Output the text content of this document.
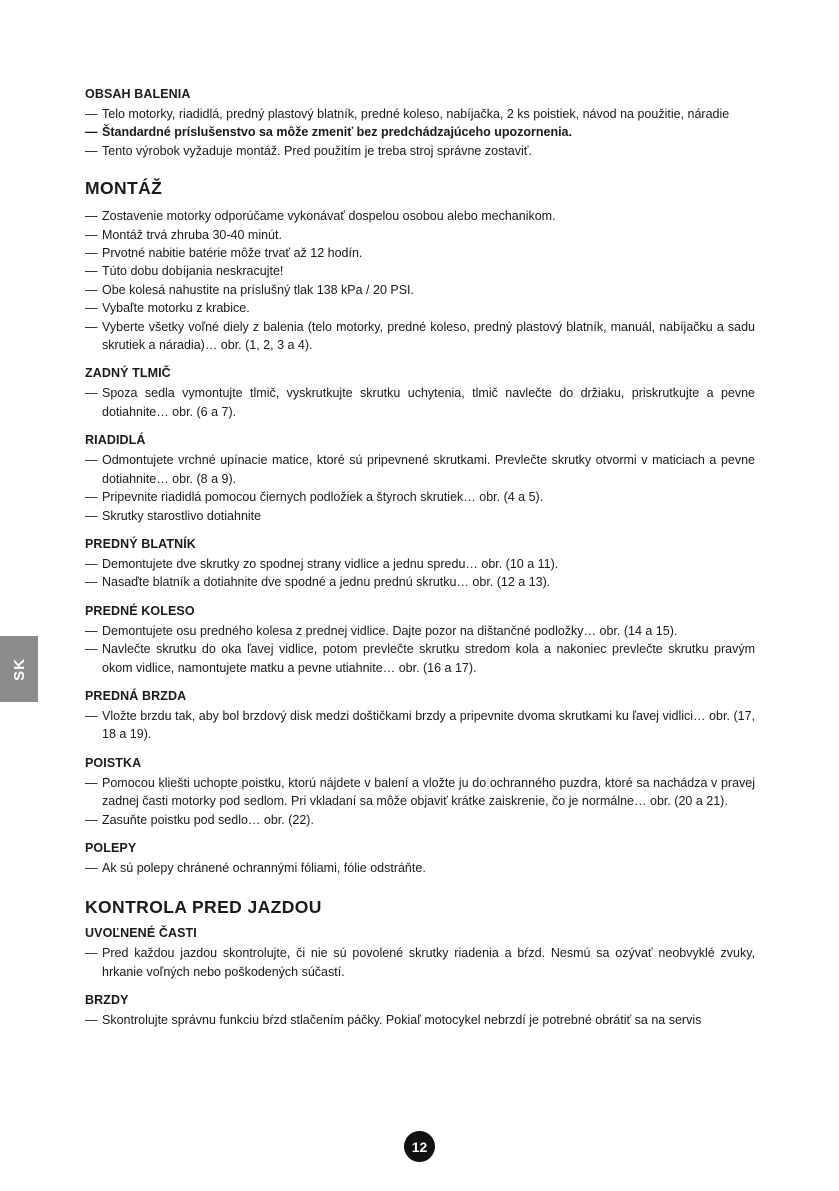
SK
OBSAH BALENIA
— Telo motorky, riadidlá, predný plastový blatník, predné koleso, nabíjačka, 2 ks poistiek, návod na použitie, náradie
— Štandardné príslušenstvo sa môže zmeniť bez predchádzajúceho upozornenia.
— Tento výrobok vyžaduje montáž. Pred použitím je treba stroj správne zostaviť.
MONTÁŽ
— Zostavenie motorky odporúčame vykonávať dospelou osobou alebo mechanikom.
— Montáž trvá zhruba 30-40 minút.
— Prvotné nabitie batérie môže trvať až 12 hodín.
— Túto dobu dobíjania neskracujte!
— Obe kolesá nahustite na príslušný tlak 138 kPa / 20 PSI.
— Vybaľte motorku z krabice.
— Vyberte všetky voľné diely z balenia (telo motorky, predné koleso, predný plastový blatník, manuál, nabíjačku a sadu skrutiek a náradia)… obr. (1, 2, 3 a 4).
ZADNÝ TLMIČ
— Spoza sedla vymontujte tlmič, vyskrutkujte skrutku uchytenia, tlmič navlečte do držiaku, priskrutkujte a pevne dotiahnite… obr. (6 a 7).
RIADIDLÁ
— Odmontujete vrchné upínacie matice, ktoré sú pripevnené skrutkami. Prevlečte skrutky otvormi v maticiach a pevne dotiahnite… obr. (8 a 9).
— Pripevnite riadidlá pomocou čiernych podložiek a štyroch skrutiek… obr. (4 a 5).
— Skrutky starostlivo dotiahnite
PREDNÝ BLATNÍK
— Demontujete dve skrutky zo spodnej strany vidlice a jednu spredu… obr. (10 a 11).
— Nasaďte blatník a dotiahnite dve spodné a jednu prednú skrutku… obr. (12 a 13).
PREDNÉ KOLESO
— Demontujete osu predného kolesa z prednej vidlice. Dajte pozor na dištančné podložky… obr. (14 a 15).
— Navlečte skrutku do oka ľavej vidlice, potom prevlečte skrutku stredom kola a nakoniec prevlečte skrutku pravým okom vidlice, namontujete matku a pevne utiahnite… obr. (16 a 17).
PREDNÁ BRZDA
— Vložte brzdu tak, aby bol brzdový disk medzi doštičkami brzdy a pripevnite dvoma skrutkami ku ľavej vidlici… obr. (17, 18 a 19).
POISTKA
— Pomocou kliešti uchopte poistku, ktorú nájdete v balení a vložte ju do ochranného puzdra, ktoré sa nachádza v pravej zadnej časti motorky pod sedlom. Pri vkladaní sa môže objaviť krátke zaiskrenie, čo je normálne… obr. (20 a 21).
— Zasuňte poistku pod sedlo… obr. (22).
POLEPY
— Ak sú polepy chránené ochrannými fóliami, fólie odstráňte.
KONTROLA PRED JAZDOU
UVOĽNENÉ ČASTI
— Pred každou jazdou skontrolujte, či nie sú povolené skrutky riadenia a bŕzd. Nesmú sa ozývať neobvyklé zvuky, hrkanie voľných nebo poškodených súčastí.
BRZDY
— Skontrolujte správnu funkciu bŕzd stlačením páčky. Pokiaľ motocykel nebrzdí je potrebné obrátiť sa na servis
12
